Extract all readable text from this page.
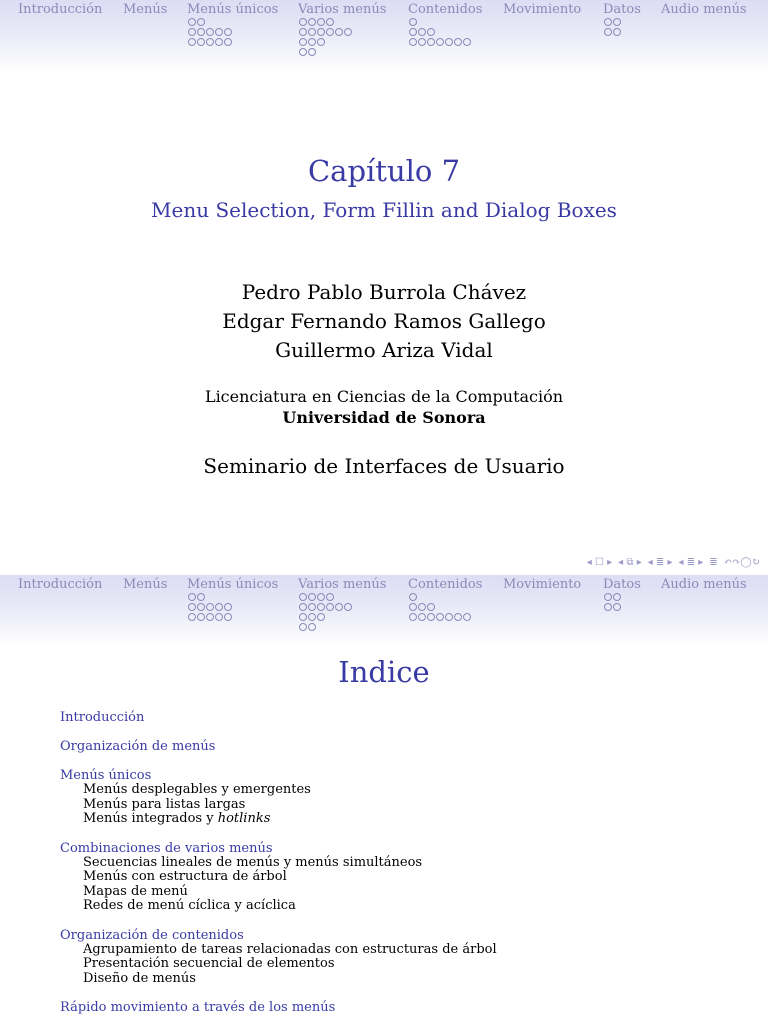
Introducción Menús Menús únicos Varios menús Contenidos Movimiento Datos Audio menús
Capítulo 7
Menu Selection, Form Fillin and Dialog Boxes
Pedro Pablo Burrola Chávez
Edgar Fernando Ramos Gallego
Guillermo Ariza Vidal
Licenciatura en Ciencias de la Computación
Universidad de Sonora
Seminario de Interfaces de Usuario
◂ ☐ ▸ ◂ ⧉ ▸ ◂ ≣ ▸ ◂ ≣ ▸ ≣ ↶↷◯↻
Introducción Menús Menús únicos Varios menús Contenidos Movimiento Datos Audio menús
Indice
Introducción
Organización de menús
Menús únicos
Menús desplegables y emergentes
Menús para listas largas
Menús integrados y hotlinks
Combinaciones de varios menús
Secuencias lineales de menús y menús simultáneos
Menús con estructura de árbol
Mapas de menú
Redes de menú cíclica y acíclica
Organización de contenidos
Agrupamiento de tareas relacionadas con estructuras de árbol
Presentación secuencial de elementos
Diseño de menús
Rápido movimiento a través de los menús
